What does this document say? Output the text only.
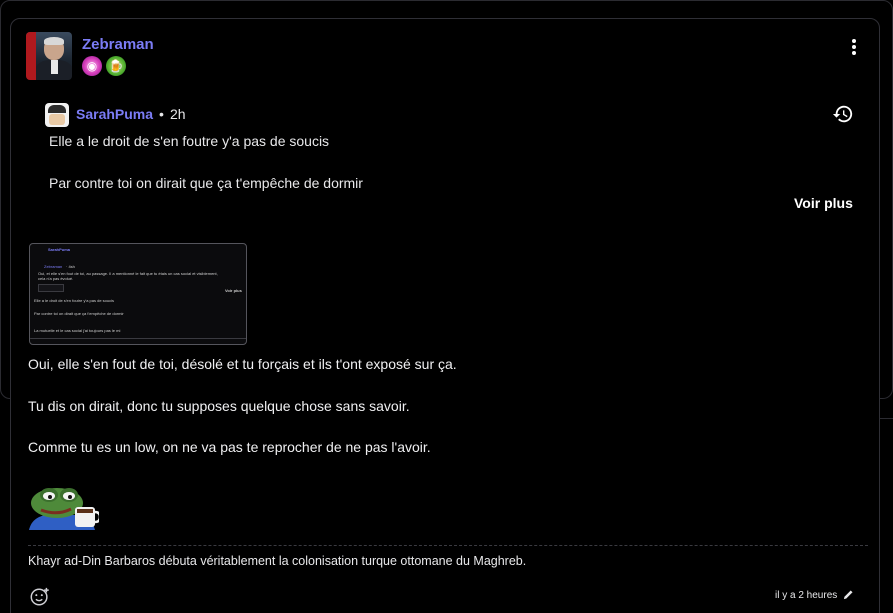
Zebraman
◉ 🍺
SarahPuma • 2h
Elle a le droit de s'en foutre y'a pas de soucis
Par contre toi on dirait que ça t'empêche de dormir
Voir plus
SarahPuma
Zebraman · 4sh
Oui, et elle s'en fout de toi, au passage. Il a mentionné le fait que tu étais un cas social et visiblement, cela n'a pas évolué.
Voir plus
Elle a le droit de s'en foutre y'a pas de soucis
Par contre toi on dirait que ça t'empêche de dormir
La mutuelle et le cas social j'ai toujours pas le mi
Oui, elle s'en fout de toi, désolé et tu forçais et ils t'ont exposé sur ça.
Tu dis on dirait, donc tu supposes quelque chose sans savoir.
Comme tu es un low, on ne va pas te reprocher de ne pas l'avoir.
Khayr ad-Din Barbaros débuta véritablement la colonisation turque ottomane du Maghreb.
il y a 2 heures
